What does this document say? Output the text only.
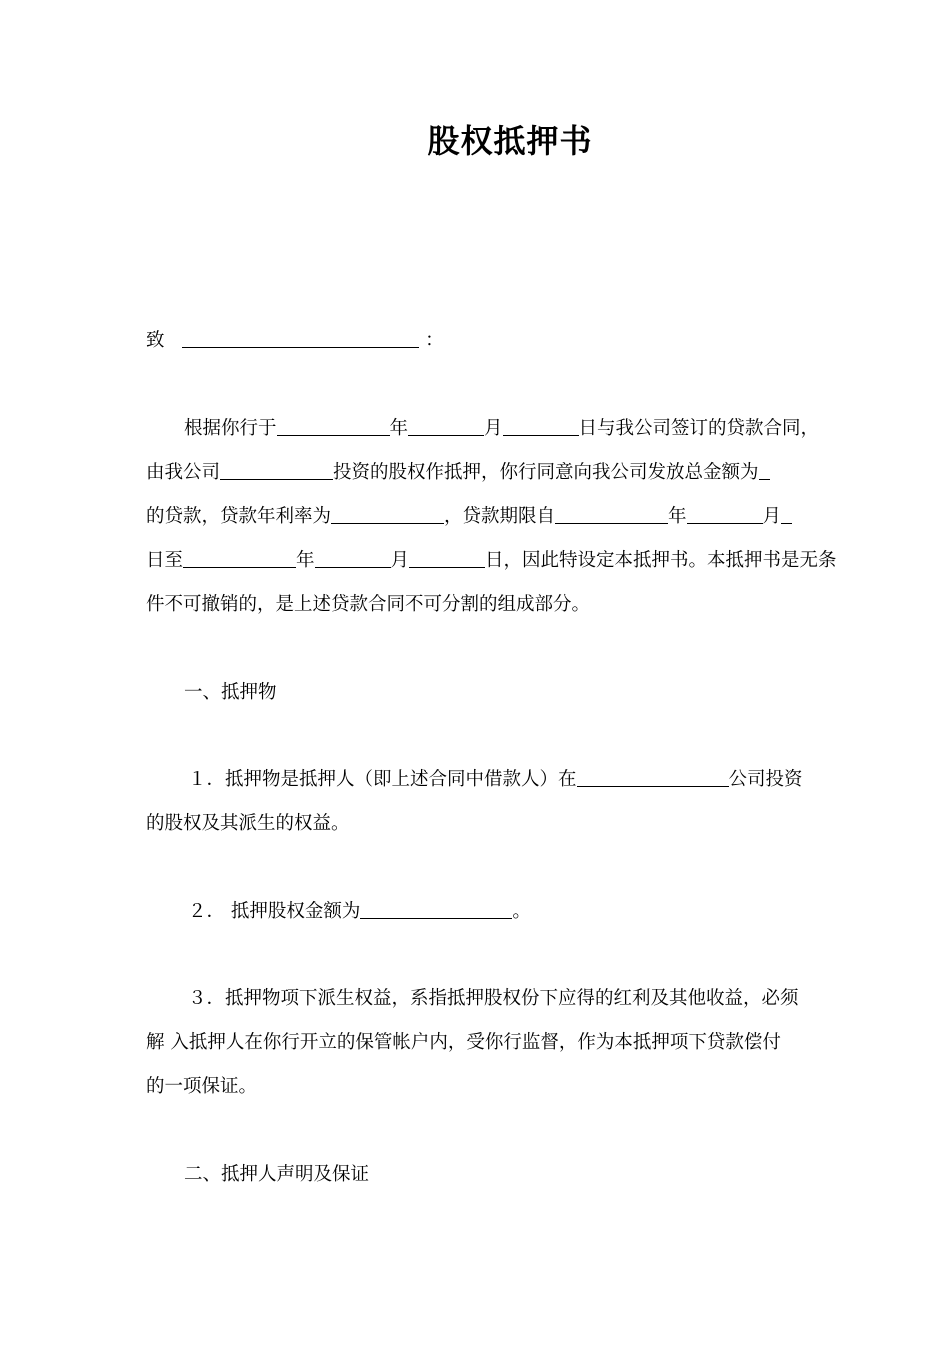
股权抵押书
致	：
根据你行于	年	月	日与我公司签订的贷款合同，
由我公司	投资的股权作抵押，你行同意向我公司发放总金额为
的贷款，贷款年利率为	，贷款期限自	年	月
日至	年	月	日，因此特设定本抵押书。本抵押书是无条
件不可撤销的，是上述贷款合同不可分割的组成部分。
一、抵押物
１．抵押物是抵押人（即上述合同中借款人）在	公司投资
的股权及其派生的权益。
２． 抵押股权金额为	。
３．抵押物项下派生权益，系指抵押股权份下应得的红利及其他收益，必须
解 入抵押人在你行开立的保管帐户内，受你行监督，作为本抵押项下贷款偿付
的一项保证。
二、抵押人声明及保证
